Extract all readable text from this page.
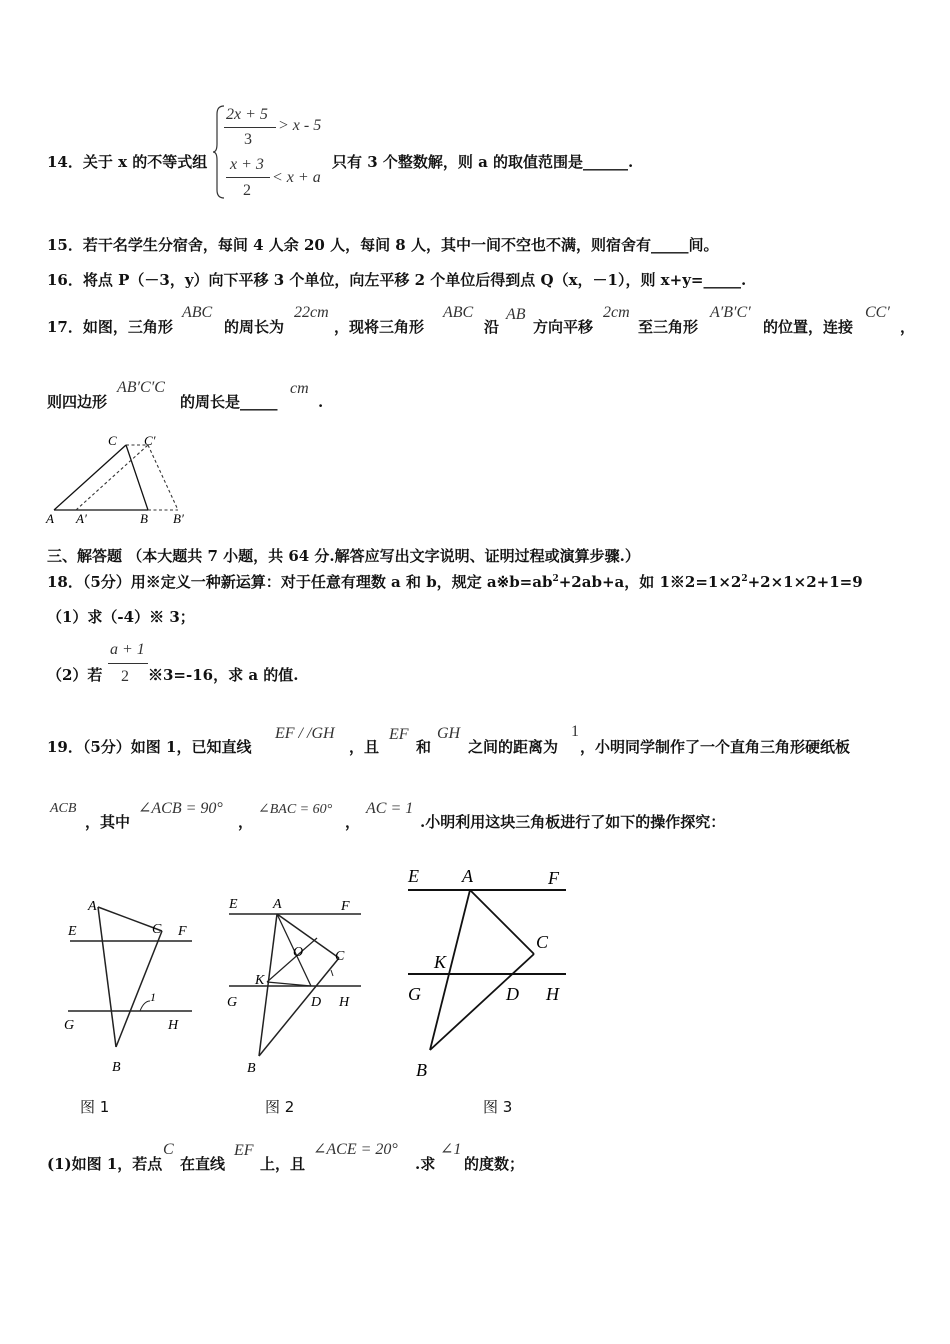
14．关于 x 的不等式组
2x + 5
3
> x - 5
x + 3
2
< x + a
只有 3 个整数解，则 a 的取值范围是______.
15．若干名学生分宿舍，每间 4 人余 20 人，每间 8 人，其中一间不空也不满，则宿舍有_____间。
16．将点 P（－3，y）向下平移 3 个单位，向左平移 2 个单位后得到点 Q（x，－1），则 x+y=_____.
17．如图，三角形
ABC
的周长为
22cm
，现将三角形
ABC
沿
AB
方向平移
2cm
至三角形
A′B′C′
的位置，连接
CC′
，
则四边形
AB′C′C
的周长是_____
cm
.
C C′
A A′	B B′
三、解答题 （本大题共 7 小题，共 64 分.解答应写出文字说明、证明过程或演算步骤.）
18．（5分）用※定义一种新运算：对于任意有理数 a 和 b，规定 $a※b=ab^2+2ab+a$，如 $1※2=1\times 2^2+2\times 1\times 2+1=9$
（1）求（-4）※ 3；
（2）若
a + 1
2 ※3=-16，求 a 的值.
19．（5分）如图 1，已知直线
EF / /GH
，且
EF
和
GH
之间的距离为
1
，小明同学制作了一个直角三角形硬纸板
ACB
，其中
∠ACB = 90°
，
∠BAC = 60°
，
AC = 1
.小明利用这块三角板进行了如下的操作探究：
A
E	C F
1
G	H
B
图 1
E	A	F
O C
K
G	D H
B
图 2
E A	F
C
K
G	D H
B
图 3
(1)如图 1，若点
C
在直线
EF
上，且
∠ACE = 20°
.求
∠1
的度数；
